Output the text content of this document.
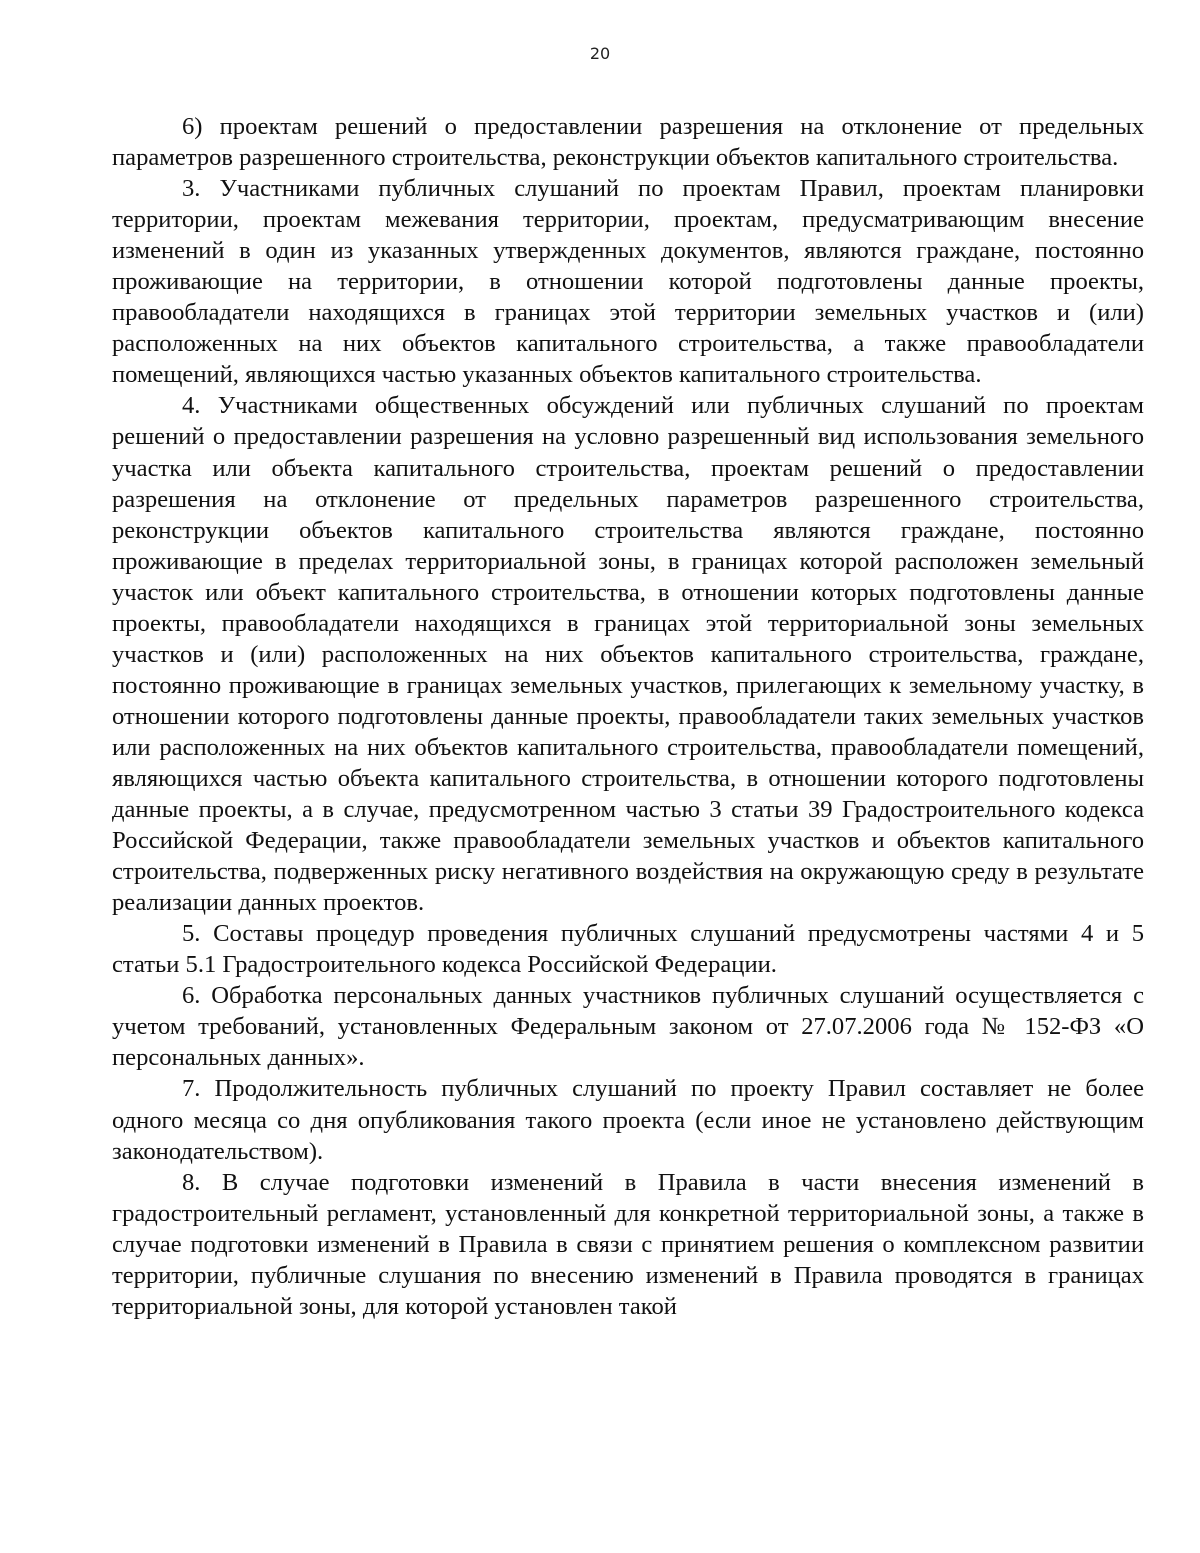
20

6) проектам решений о предоставлении разрешения на отклонение от предельных параметров разрешенного строительства, реконструкции объектов капитального строительства.

3. Участниками публичных слушаний по проектам Правил, проектам планировки территории, проектам межевания территории, проектам, предусматривающим внесение изменений в один из указанных утвержденных документов, являются граждане, постоянно проживающие на территории, в отношении которой подготовлены данные проекты, правообладатели находящихся в границах этой территории земельных участков и (или) расположенных на них объектов капитального строительства, а также правообладатели помещений, являющихся частью указанных объектов капитального строительства.

4. Участниками общественных обсуждений или публичных слушаний по проектам решений о предоставлении разрешения на условно разрешенный вид использования земельного участка или объекта капитального строительства, проектам решений о предоставлении разрешения на отклонение от предельных параметров разрешенного строительства, реконструкции объектов капитального строительства являются граждане, постоянно проживающие в пределах территориальной зоны, в границах которой расположен земельный участок или объект капитального строительства, в отношении которых подготовлены данные проекты, правообладатели находящихся в границах этой территориальной зоны земельных участков и (или) расположенных на них объектов капитального строительства, граждане, постоянно проживающие в границах земельных участков, прилегающих к земельному участку, в отношении которого подготовлены данные проекты, правообладатели таких земельных участков или расположенных на них объектов капитального строительства, правообладатели помещений, являющихся частью объекта капитального строительства, в отношении которого подготовлены данные проекты, а в случае, предусмотренном частью 3 статьи 39 Градостроительного кодекса Российской Федерации, также правообладатели земельных участков и объектов капитального строительства, подверженных риску негативного воздействия на окружающую среду в результате реализации данных проектов.

5. Составы процедур проведения публичных слушаний предусмотрены частями 4 и 5 статьи 5.1 Градостроительного кодекса Российской Федерации.

6. Обработка персональных данных участников публичных слушаний осуществляется с учетом требований, установленных Федеральным законом от 27.07.2006 года № 152-ФЗ «О персональных данных».

7. Продолжительность публичных слушаний по проекту Правил составляет не более одного месяца со дня опубликования такого проекта (если иное не установлено действующим законодательством).

8. В случае подготовки изменений в Правила в части внесения изменений в градостроительный регламент, установленный для конкретной территориальной зоны, а также в случае подготовки изменений в Правила в связи с принятием решения о комплексном развитии территории, публичные слушания по внесению изменений в Правила проводятся в границах территориальной зоны, для которой установлен такой
